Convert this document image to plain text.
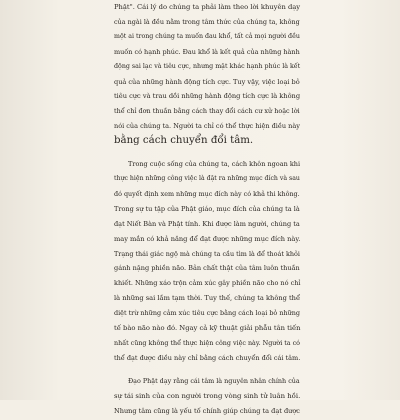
Phật". Cái lý do chúng ta phải làm theo lời khuyên dạy
của ngài là đều nằm trong tâm thức của chúng ta, không
một ai trong chúng ta muốn đau khổ, tất cả mọi người đều
muốn có hạnh phúc. Đau khổ là kết quả của những hành
động sai lạc và tiêu cực, nhưng mặt khác hạnh phúc là kết
quả của những hành động tích cực. Tuy vậy, việc loại bỏ
tiêu cực và trau dồi những hành động tích cực là không
thể chỉ đơn thuần bằng cách thay đổi cách cư xử hoặc lời
nói của chúng ta. Người ta chỉ có thể thực hiện điều này
bằng cách chuyển đổi tâm.
Trong cuộc sống của chúng ta, cách khôn ngoan khi
thực hiện những công việc là đặt ra những mục đích và sau
đó quyết định xem những mục đích này có khả thi không.
Trong sự tu tập của Phật giáo, mục đích của chúng ta là
đạt Niết Bàn và Phật tính. Khi được làm người, chúng ta
may mắn có khả năng để đạt được những mục đích này.
Trạng thái giác ngộ mà chúng ta cầu tìm là để thoát khỏi
gánh nặng phiền não. Bản chất thật của tâm luôn thuần
khiết. Những xáo trộn cảm xúc gây phiền não cho nó chỉ
là những sai lầm tạm thời. Tuy thế, chúng ta không thể
diệt trừ những cảm xúc tiêu cực bằng cách loại bỏ những
tế bào não nào đó. Ngay cả kỹ thuật giải phẫu tân tiến
nhất cũng không thể thực hiện công việc này. Người ta có
thể đạt được điều này chỉ bằng cách chuyển đổi cái tâm.
Đạo Phật dạy rằng cái tâm là nguyên nhân chính của
sự tái sinh của con người trong vòng sinh tử luân hồi.
Nhưng tâm cũng là yếu tố chính giúp chúng ta đạt được
